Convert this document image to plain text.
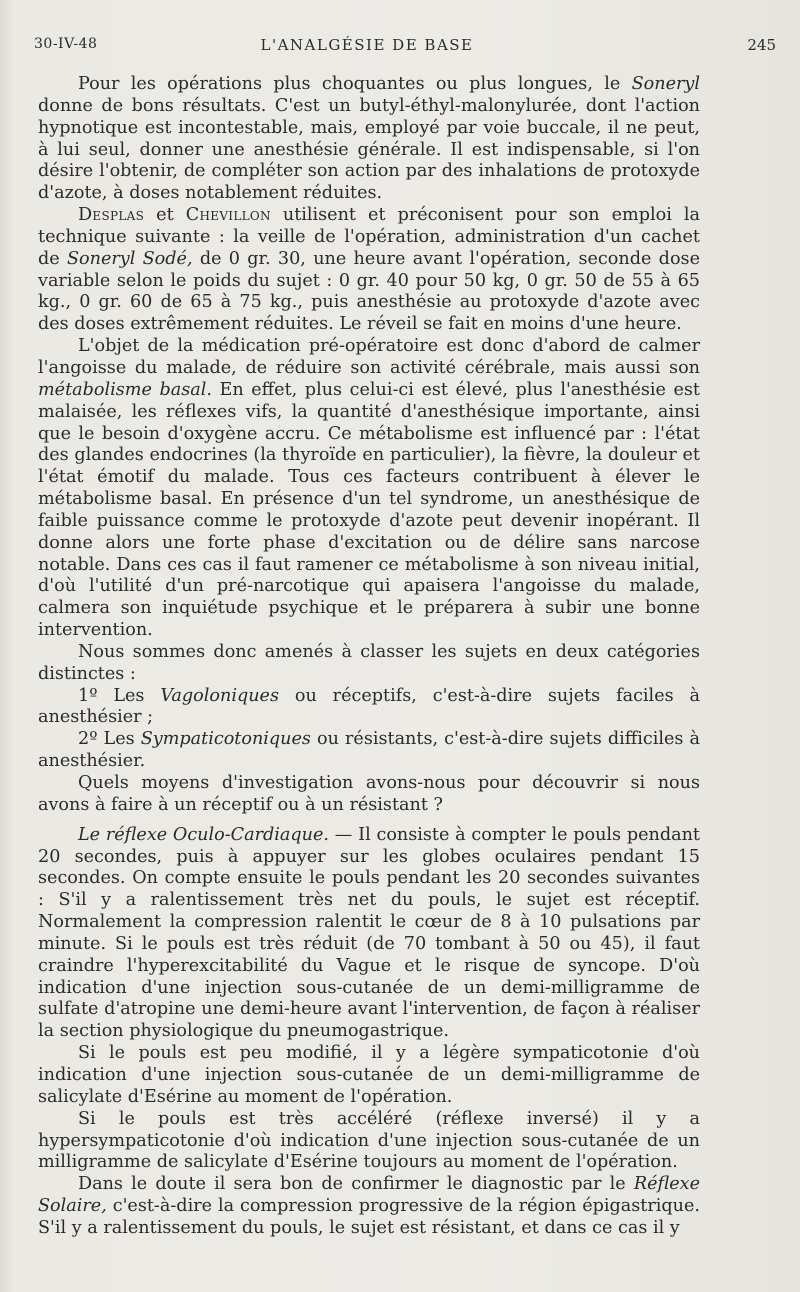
30-IV-48	L'ANALGÉSIE DE BASE	245

Pour les opérations plus choquantes ou plus longues, le Soneryl donne de bons résultats. C'est un butyl-éthyl-malonylurée, dont l'action hypnotique est incontestable, mais, employé par voie buccale, il ne peut, à lui seul, donner une anesthésie générale. Il est indispensable, si l'on désire l'obtenir, de compléter son action par des inhalations de protoxyde d'azote, à doses notablement réduites.

Desplas et Chevillon utilisent et préconisent pour son emploi la technique suivante : la veille de l'opération, administration d'un cachet de Soneryl Sodé, de 0 gr. 30, une heure avant l'opération, seconde dose variable selon le poids du sujet : 0 gr. 40 pour 50 kg, 0 gr. 50 de 55 à 65 kg., 0 gr. 60 de 65 à 75 kg., puis anesthésie au protoxyde d'azote avec des doses extrêmement réduites. Le réveil se fait en moins d'une heure.

L'objet de la médication pré-opératoire est donc d'abord de calmer l'angoisse du malade, de réduire son activité cérébrale, mais aussi son métabolisme basal. En effet, plus celui-ci est élevé, plus l'anesthésie est malaisée, les réflexes vifs, la quantité d'anesthésique importante, ainsi que le besoin d'oxygène accru. Ce métabolisme est influencé par : l'état des glandes endocrines (la thyroïde en particulier), la fièvre, la douleur et l'état émotif du malade. Tous ces facteurs contribuent à élever le métabolisme basal. En présence d'un tel syndrome, un anesthésique de faible puissance comme le protoxyde d'azote peut devenir inopérant. Il donne alors une forte phase d'excitation ou de délire sans narcose notable. Dans ces cas il faut ramener ce métabolisme à son niveau initial, d'où l'utilité d'un pré-narcotique qui apaisera l'angoisse du malade, calmera son inquiétude psychique et le préparera à subir une bonne intervention.

Nous sommes donc amenés à classer les sujets en deux catégories distinctes :

1º Les Vagoloniques ou réceptifs, c'est-à-dire sujets faciles à anesthésier ;

2º Les Sympaticotoniques ou résistants, c'est-à-dire sujets difficiles à anesthésier.

Quels moyens d'investigation avons-nous pour découvrir si nous avons à faire à un réceptif ou à un résistant ?

Le réflexe Oculo-Cardiaque. — Il consiste à compter le pouls pendant 20 secondes, puis à appuyer sur les globes oculaires pendant 15 secondes. On compte ensuite le pouls pendant les 20 secondes suivantes : S'il y a ralentissement très net du pouls, le sujet est réceptif. Normalement la compression ralentit le cœur de 8 à 10 pulsations par minute. Si le pouls est très réduit (de 70 tombant à 50 ou 45), il faut craindre l'hyperexcitabilité du Vague et le risque de syncope. D'où indication d'une injection sous-cutanée de un demi-milligramme de sulfate d'atropine une demi-heure avant l'intervention, de façon à réaliser la section physiologique du pneumogastrique.

Si le pouls est peu modifié, il y a légère sympaticotonie d'où indication d'une injection sous-cutanée de un demi-milligramme de salicylate d'Esérine au moment de l'opération.

Si le pouls est très accéléré (réflexe inversé) il y a hypersympaticotonie d'où indication d'une injection sous-cutanée de un milligramme de salicylate d'Esérine toujours au moment de l'opération.

Dans le doute il sera bon de confirmer le diagnostic par le Réflexe Solaire, c'est-à-dire la compression progressive de la région épigastrique. S'il y a ralentissement du pouls, le sujet est résistant, et dans ce cas il y
